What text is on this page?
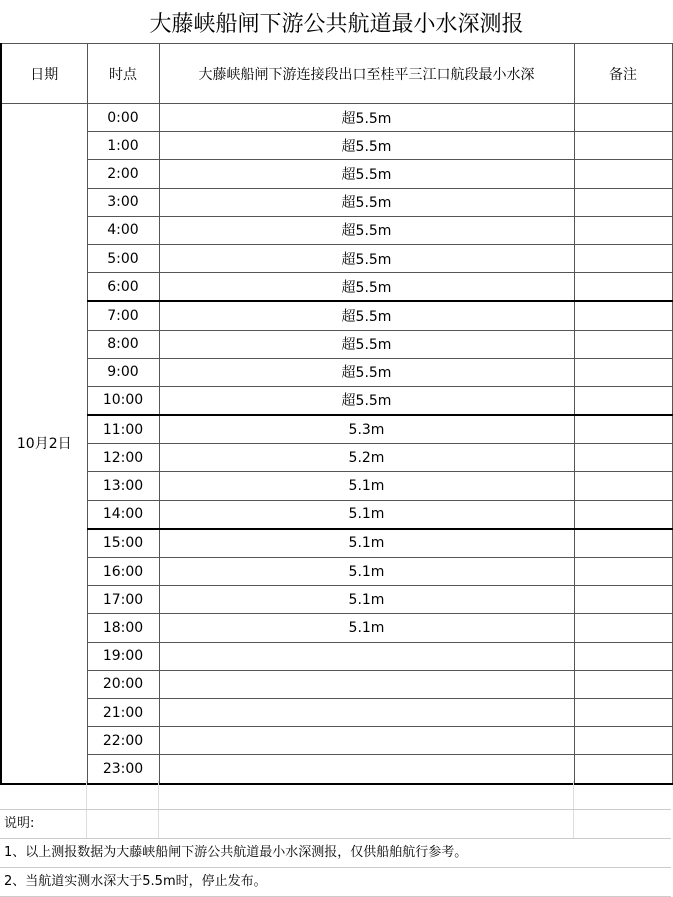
大藤峡船闸下游公共航道最小水深测报
日期	时点	大藤峡船闸下游连接段出口至桂平三江口航段最小水深	备注
10月2日	0:00	超5.5m	
	1:00	超5.5m	
	2:00	超5.5m	
	3:00	超5.5m	
	4:00	超5.5m	
	5:00	超5.5m	
	6:00	超5.5m	
	7:00	超5.5m	
	8:00	超5.5m	
	9:00	超5.5m	
	10:00	超5.5m	
	11:00	5.3m	
	12:00	5.2m	
	13:00	5.1m	
	14:00	5.1m	
	15:00	5.1m	
	16:00	5.1m	
	17:00	5.1m	
	18:00	5.1m	
	19:00		
	20:00		
	21:00		
	22:00		
	23:00		
说明:
1、以上测报数据为大藤峡船闸下游公共航道最小水深测报，仅供船舶航行参考。
2、当航道实测水深大于5.5m时，停止发布。
